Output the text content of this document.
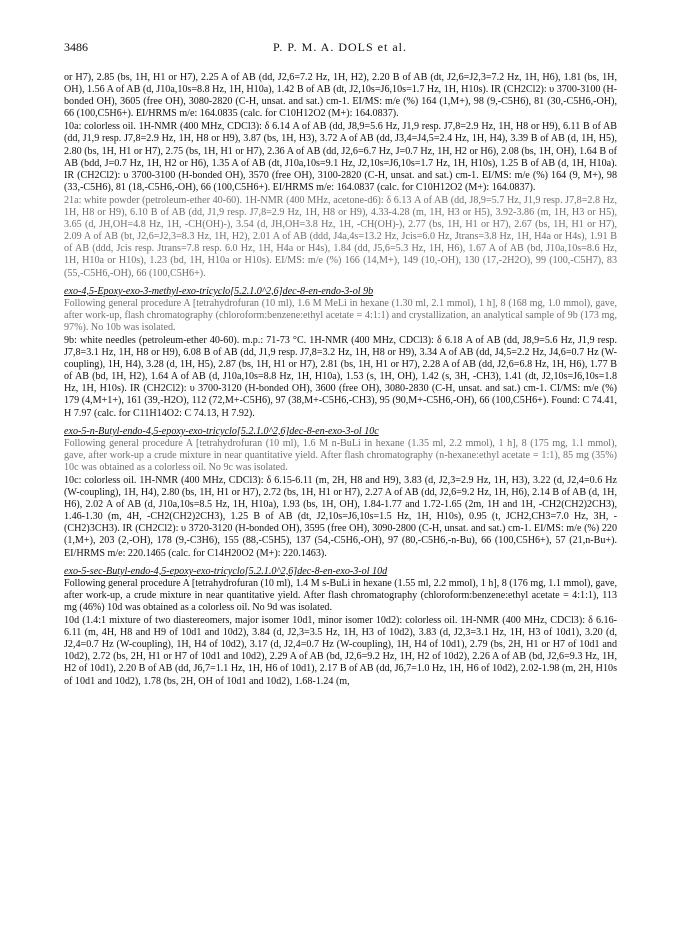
3486	P. P. M. A. DOLS et al.

or H7), 2.85 (bs, 1H, H1 or H7), 2.25 A of AB (dd, J2,6=7.2 Hz, 1H, H2), 2.20 B of AB (dt, J2,6=J2,3=7.2 Hz, 1H, H6), 1.81 (bs, 1H, OH), 1.56 A of AB (d, J10a,10s=8.8 Hz, 1H, H10a), 1.42 B of AB (dt, J2,10s=J6,10s=1.7 Hz, 1H, H10s). IR (CH2Cl2): υ 3700-3100 (H-bonded OH), 3605 (free OH), 3080-2820 (C-H, unsat. and sat.) cm-1. EI/MS: m/e (%) 164 (1,M+), 98 (9,-C5H6), 81 (30,-C5H6,-OH), 66 (100,C5H6+). EI/HRMS m/e: 164.0835 (calc. for C10H12O2 (M+): 164.0837).

10a: colorless oil. 1H-NMR (400 MHz, CDCl3): δ 6.14 A of AB (dd, J8,9=5.6 Hz, J1,9 resp. J7,8=2.9 Hz, 1H, H8 or H9), 6.11 B of AB (dd, J1,9 resp. J7,8=2.9 Hz, 1H, H8 or H9), 3.87 (bs, 1H, H3), 3.72 A of AB (dd, J3,4=J4,5=2.4 Hz, 1H, H4), 3.39 B of AB (d, 1H, H5), 2.80 (bs, 1H, H1 or H7), 2.75 (bs, 1H, H1 or H7), 2.36 A of AB (dd, J2,6=6.7 Hz, J=0.7 Hz, 1H, H2 or H6), 2.08 (bs, 1H, OH), 1.64 B of AB (bdd, J=0.7 Hz, 1H, H2 or H6), 1.35 A of AB (dt, J10a,10s=9.1 Hz, J2,10s=J6,10s=1.7 Hz, 1H, H10s), 1.25 B of AB (d, 1H, H10a). IR (CH2Cl2): υ 3700-3100 (H-bonded OH), 3570 (free OH), 3100-2820 (C-H, unsat. and sat.) cm-1. EI/MS: m/e (%) 164 (9, M+), 98 (33,-C5H6), 81 (18,-C5H6,-OH), 66 (100,C5H6+). EI/HRMS m/e: 164.0837 (calc. for C10H12O2 (M+): 164.0837).

21a: white powder (petroleum-ether 40-60). 1H-NMR (400 MHz, acetone-d6): δ 6.13 A of AB (dd, J8,9=5.7 Hz, J1,9 resp. J7,8=2.8 Hz, 1H, H8 or H9), 6.10 B of AB (dd, J1,9 resp. J7,8=2.9 Hz, 1H, H8 or H9), 4.33-4.28 (m, 1H, H3 or H5), 3.92-3.86 (m, 1H, H3 or H5), 3.65 (d, JH,OH=4.8 Hz, 1H, -CH(OH)-), 3.54 (d, JH,OH=3.8 Hz, 1H, -CH(OH)-), 2.77 (bs, 1H, H1 or H7), 2.67 (bs, 1H, H1 or H7), 2.09 A of AB (bt, J2,6=J2,3=8.3 Hz, 1H, H2), 2.01 A of AB (ddd, J4a,4s=13.2 Hz, Jcis=6.0 Hz, Jtrans=3.8 Hz, 1H, H4a or H4s), 1.91 B of AB (ddd, Jcis resp. Jtrans=7.8 resp. 6.0 Hz, 1H, H4a or H4s), 1.84 (dd, J5,6=5.3 Hz, 1H, H6), 1.67 A of AB (bd, J10a,10s=8.6 Hz, 1H, H10a or H10s), 1.23 (bd, 1H, H10a or H10s). EI/MS: m/e (%) 166 (14,M+), 149 (10,-OH), 130 (17,-2H2O), 99 (100,-C5H7), 83 (55,-C5H6,-OH), 66 (100,C5H6+).

exo-4,5-Epoxy-exo-3-methyl-exo-tricyclo[5.2.1.0^2,6]dec-8-en-endo-3-ol 9b

Following general procedure A [tetrahydrofuran (10 ml), 1.6 M MeLi in hexane (1.30 ml, 2.1 mmol), 1 h], 8 (168 mg, 1.0 mmol), gave, after work-up, flash chromatography (chloroform:benzene:ethyl acetate = 4:1:1) and crystallization, an analytical sample of 9b (173 mg, 97%). No 10b was isolated.

9b: white needles (petroleum-ether 40-60). m.p.: 71-73 °C. 1H-NMR (400 MHz, CDCl3): δ 6.18 A of AB (dd, J8,9=5.6 Hz, J1,9 resp. J7,8=3.1 Hz, 1H, H8 or H9), 6.08 B of AB (dd, J1,9 resp. J7,8=3.2 Hz, 1H, H8 or H9), 3.34 A of AB (dd, J4,5=2.2 Hz, J4,6=0.7 Hz (W-coupling), 1H, H4), 3.28 (d, 1H, H5), 2.87 (bs, 1H, H1 or H7), 2.81 (bs, 1H, H1 or H7), 2.28 A of AB (dd, J2,6=6.8 Hz, 1H, H6), 1.77 B of AB (bd, 1H, H2), 1.64 A of AB (d, J10a,10s=8.8 Hz, 1H, H10a), 1.53 (s, 1H, OH), 1.42 (s, 3H, -CH3), 1.41 (dt, J2,10s=J6,10s=1.8 Hz, 1H, H10s). IR (CH2Cl2): υ 3700-3120 (H-bonded OH), 3600 (free OH), 3080-2830 (C-H, unsat. and sat.) cm-1. CI/MS: m/e (%) 179 (4,M+1+), 161 (39,-H2O), 112 (72,M+-C5H6), 97 (38,M+-C5H6,-CH3), 95 (90,M+-C5H6,-OH), 66 (100,C5H6+). Found: C 74.41, H 7.97 (calc. for C11H14O2: C 74.13, H 7.92).

exo-5-n-Butyl-endo-4,5-epoxy-exo-tricyclo[5.2.1.0^2,6]dec-8-en-exo-3-ol 10c

Following general procedure A [tetrahydrofuran (10 ml), 1.6 M n-BuLi in hexane (1.35 ml, 2.2 mmol), 1 h], 8 (175 mg, 1.1 mmol), gave, after work-up a crude mixture in near quantitative yield. After flash chromatography (n-hexane:ethyl acetate = 1:1), 85 mg (35%) 10c was obtained as a colorless oil. No 9c was isolated.

10c: colorless oil. 1H-NMR (400 MHz, CDCl3): δ 6.15-6.11 (m, 2H, H8 and H9), 3.83 (d, J2,3=2.9 Hz, 1H, H3), 3.22 (d, J2,4=0.6 Hz (W-coupling), 1H, H4), 2.80 (bs, 1H, H1 or H7), 2.72 (bs, 1H, H1 or H7), 2.27 A of AB (dd, J2,6=9.2 Hz, 1H, H6), 2.14 B of AB (d, 1H, H6), 2.02 A of AB (d, J10a,10s=8.5 Hz, 1H, H10a), 1.93 (bs, 1H, OH), 1.84-1.77 and 1.72-1.65 (2m, 1H and 1H, -CH2(CH2)2CH3), 1.46-1.30 (m, 4H, -CH2(CH2)2CH3), 1.25 B of AB (dt, J2,10s=J6,10s=1.5 Hz, 1H, H10s), 0.95 (t, JCH2,CH3=7.0 Hz, 3H, -(CH2)3CH3). IR (CH2Cl2): υ 3720-3120 (H-bonded OH), 3595 (free OH), 3090-2800 (C-H, unsat. and sat.) cm-1. EI/MS: m/e (%) 220 (1,M+), 203 (2,-OH), 178 (9,-C3H6), 155 (88,-C5H5), 137 (54,-C5H6,-OH), 97 (80,-C5H6,-n-Bu), 66 (100,C5H6+), 57 (21,n-Bu+). EI/HRMS m/e: 220.1465 (calc. for C14H20O2 (M+): 220.1463).

exo-5-sec-Butyl-endo-4,5-epoxy-exo-tricyclo[5.2.1.0^2,6]dec-8-en-exo-3-ol 10d

Following general procedure A [tetrahydrofuran (10 ml), 1.4 M s-BuLi in hexane (1.55 ml, 2.2 mmol), 1 h], 8 (176 mg, 1.1 mmol), gave, after work-up, a crude mixture in near quantitative yield. After flash chromatography (chloroform:benzene:ethyl acetate = 4:1:1), 113 mg (46%) 10d was obtained as a colorless oil. No 9d was isolated.

10d (1.4:1 mixture of two diastereomers, major isomer 10d1, minor isomer 10d2): colorless oil. 1H-NMR (400 MHz, CDCl3): δ 6.16-6.11 (m, 4H, H8 and H9 of 10d1 and 10d2), 3.84 (d, J2,3=3.5 Hz, 1H, H3 of 10d2), 3.83 (d, J2,3=3.1 Hz, 1H, H3 of 10d1), 3.20 (d, J2,4=0.7 Hz (W-coupling), 1H, H4 of 10d2), 3.17 (d, J2,4=0.7 Hz (W-coupling), 1H, H4 of 10d1), 2.79 (bs, 2H, H1 or H7 of 10d1 and 10d2), 2.72 (bs, 2H, H1 or H7 of 10d1 and 10d2), 2.29 A of AB (bd, J2,6=9.2 Hz, 1H, H2 of 10d2), 2.26 A of AB (bd, J2,6=9.3 Hz, 1H, H2 of 10d1), 2.20 B of AB (dd, J6,7=1.1 Hz, 1H, H6 of 10d1), 2.17 B of AB (dd, J6,7=1.0 Hz, 1H, H6 of 10d2), 2.02-1.98 (m, 2H, H10s of 10d1 and 10d2), 1.78 (bs, 2H, OH of 10d1 and 10d2), 1.68-1.24 (m,
